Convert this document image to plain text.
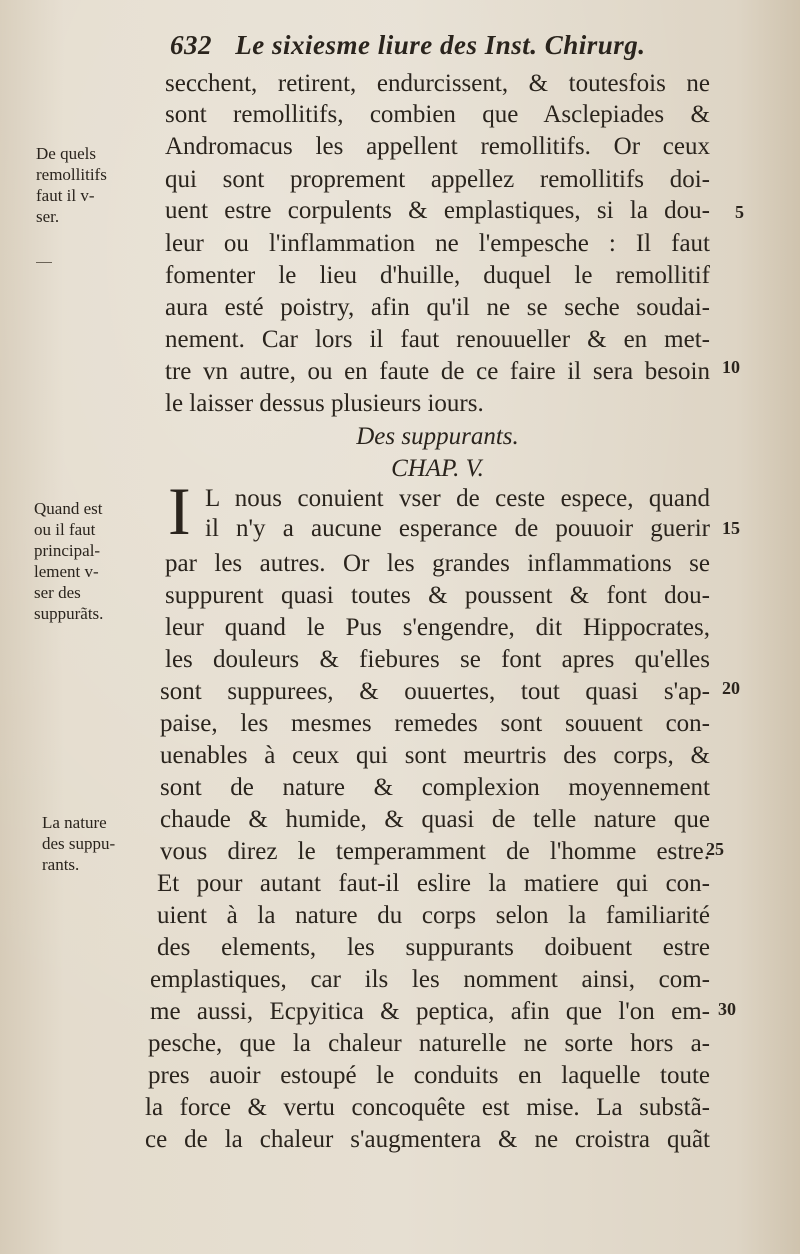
632 Le sixiesme liure des Inst. Chirurg.
secchent, retirent, endurcissent, & toutesfois ne
sont remollitifs, combien que Asclepiades &
Andromacus les appellent remollitifs. Or ceux
qui sont proprement appellez remollitifs doi-
uent estre corpulents & emplastiques, si la dou-
leur ou l'inflammation ne l'empesche : Il faut
fomenter le lieu d'huille, duquel le remollitif
aura esté poistry, afin qu'il ne se seche soudai-
nement. Car lors il faut renouueller & en met-
tre vn autre, ou en faute de ce faire il sera besoin
le laisser dessus plusieurs iours.
Des suppurants.
CHAP. V.
I L nous conuient vser de ceste espece, quand
il n'y a aucune esperance de pouuoir guerir
par les autres. Or les grandes inflammations se
suppurent quasi toutes & poussent & font dou-
leur quand le Pus s'engendre, dit Hippocrates,
les douleurs & fiebures se font apres qu'elles
sont suppurees, & ouuertes, tout quasi s'ap-
paise, les mesmes remedes sont souuent con-
uenables à ceux qui sont meurtris des corps, &
sont de nature & complexion moyennement
chaude & humide, & quasi de telle nature que
vous direz le temperamment de l'homme estre.
Et pour autant faut-il eslire la matiere qui con-
uient à la nature du corps selon la familiarité
des elements, les suppurants doibuent estre
emplastiques, car ils les nomment ainsi, com-
me aussi, Ecpyitica & peptica, afin que l'on em-
pesche, que la chaleur naturelle ne sorte hors a-
pres auoir estoupé le conduits en laquelle toute
la force & vertu concoquête est mise. La substã-
ce de la chaleur s'augmentera & ne croistra quãt
De quels
remollitifs
faut il v-
ser.
Quand est
ou il faut
principal-
lement v-
ser des
suppurãts.
La nature
des suppu-
rants.
5
10
15
20
25
30
